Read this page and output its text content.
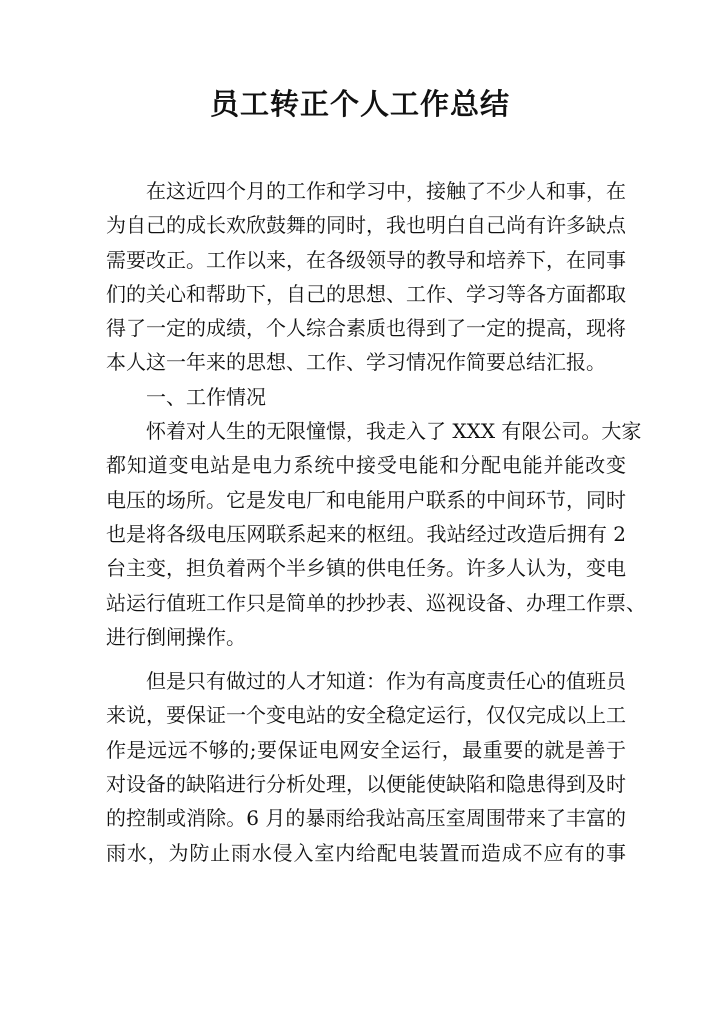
员工转正个人工作总结
在这近四个月的工作和学习中，接触了不少人和事，在
为自己的成长欢欣鼓舞的同时，我也明白自己尚有许多缺点
需要改正。工作以来，在各级领导的教导和培养下，在同事
们的关心和帮助下，自己的思想、工作、学习等各方面都取
得了一定的成绩，个人综合素质也得到了一定的提高，现将
本人这一年来的思想、工作、学习情况作简要总结汇报。
一、工作情况
怀着对人生的无限憧憬，我走入了 XXX 有限公司。大家
都知道变电站是电力系统中接受电能和分配电能并能改变
电压的场所。它是发电厂和电能用户联系的中间环节，同时
也是将各级电压网联系起来的枢纽。我站经过改造后拥有 2
台主变，担负着两个半乡镇的供电任务。许多人认为，变电
站运行值班工作只是简单的抄抄表、巡视设备、办理工作票、
进行倒闸操作。
但是只有做过的人才知道：作为有高度责任心的值班员
来说，要保证一个变电站的安全稳定运行，仅仅完成以上工
作是远远不够的;要保证电网安全运行，最重要的就是善于
对设备的缺陷进行分析处理，以便能使缺陷和隐患得到及时
的控制或消除。6 月的暴雨给我站高压室周围带来了丰富的
雨水，为防止雨水侵入室内给配电装置而造成不应有的事
